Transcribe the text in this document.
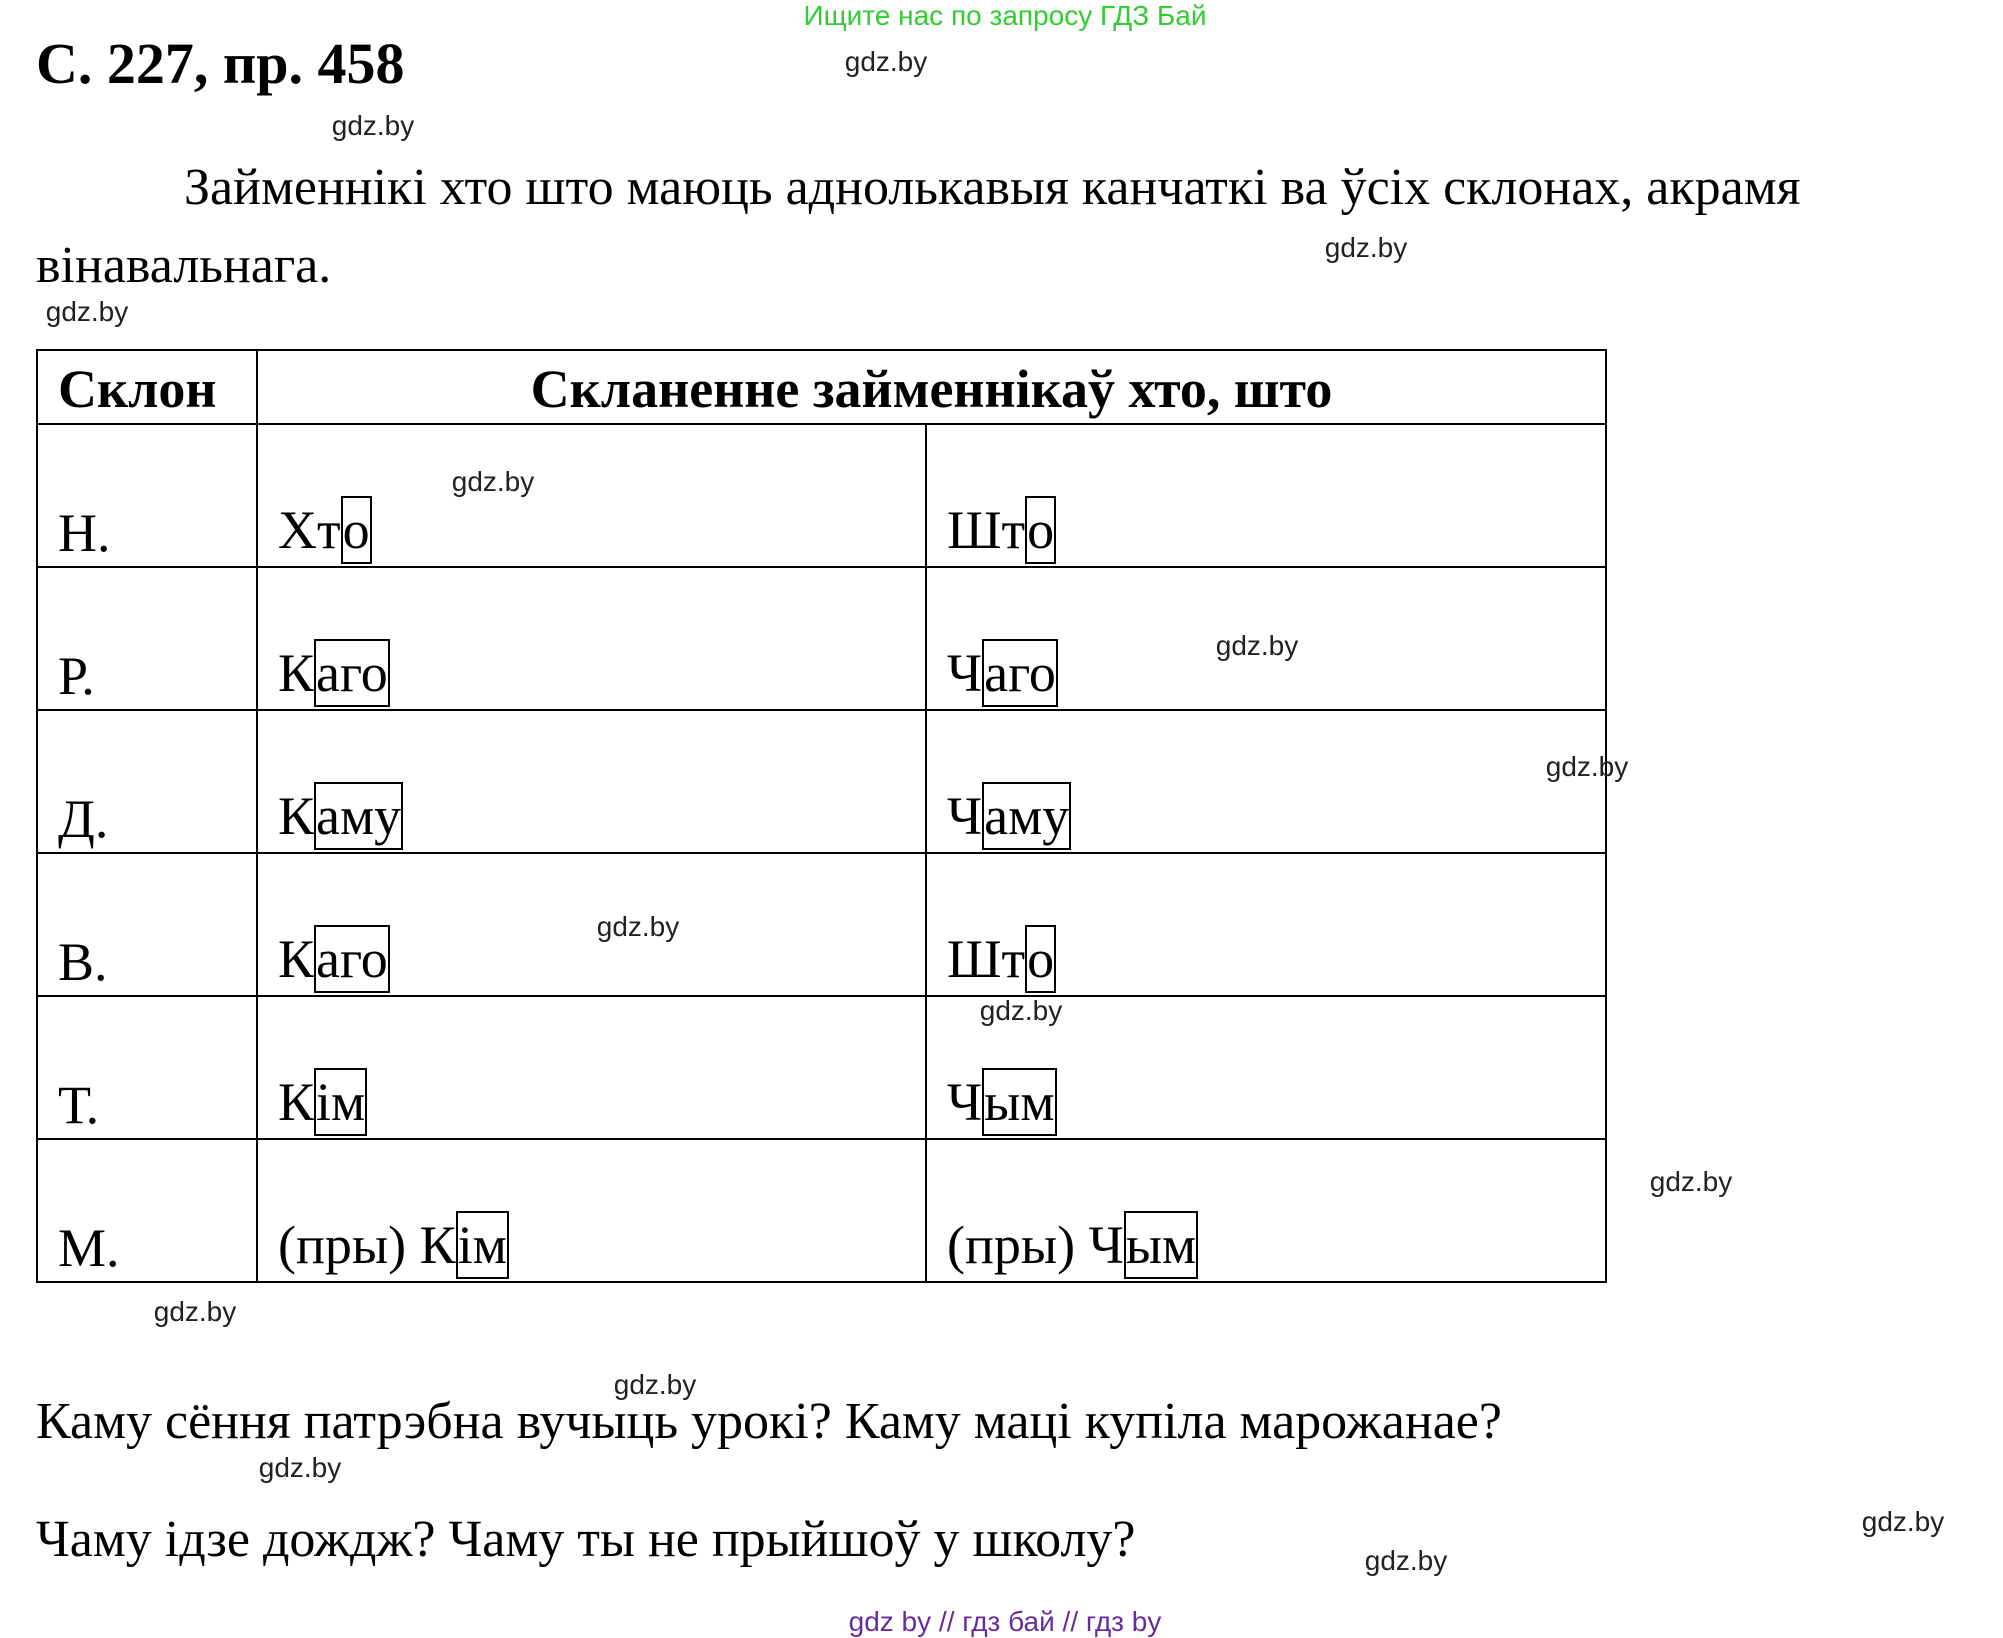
Ищите нас по запросу ГДЗ Бай
С. 227, пр. 458
Займеннікі хто што маюць аднолькавыя канчаткі ва ўсіх склонах, акрамя
вінавальнага.
Склон	Скланенне займеннікаў хто, што	
Н.	Хто	Што
Р.	Каго	Чаго
Д.	Каму	Чаму
В.	Каго	Што
Т.	Кім	Чым
М.	(пры) Кім	(пры) Чым
Каму сёння патрэбна вучыць урокі? Каму маці купіла марожанае?
Чаму ідзе дождж? Чаму ты не прыйшоў у школу?
gdz.by
gdz.by
gdz.by
gdz.by
gdz.by
gdz.by
gdz.by
gdz.by
gdz.by
gdz.by
gdz.by
gdz.by
gdz.by
gdz.by
gdz.by
gdz by // гдз бай // гдз by
